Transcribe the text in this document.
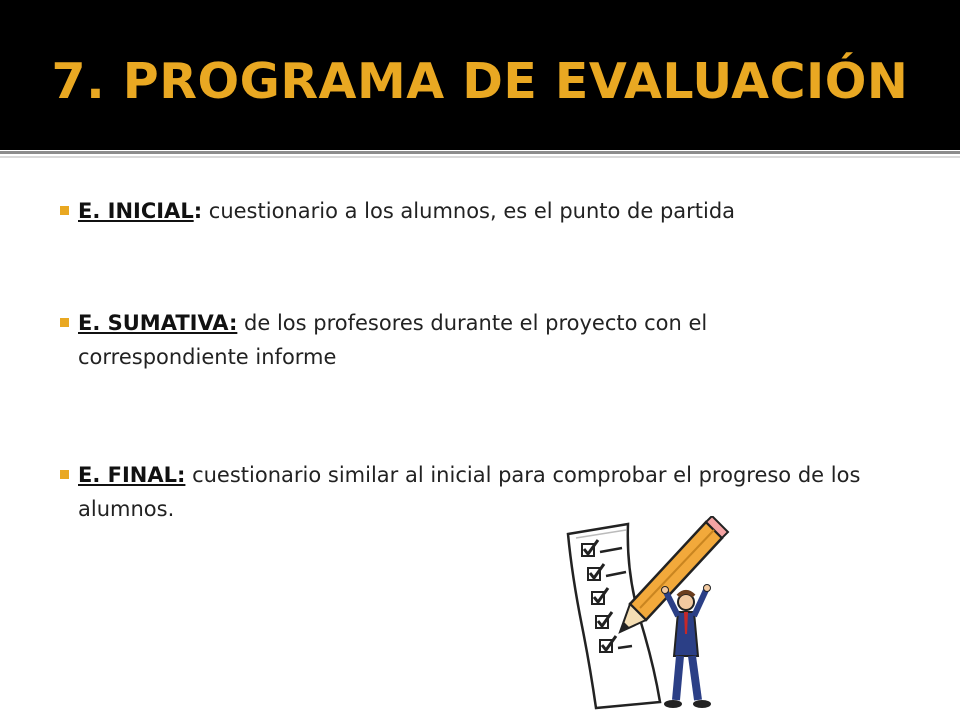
7. PROGRAMA DE EVALUACIÓN
E. INICIAL: cuestionario a los alumnos, es el punto de partida
E. SUMATIVA: de los profesores durante el proyecto con el correspondiente informe
E. FINAL: cuestionario similar al inicial para comprobar el progreso de los alumnos.
